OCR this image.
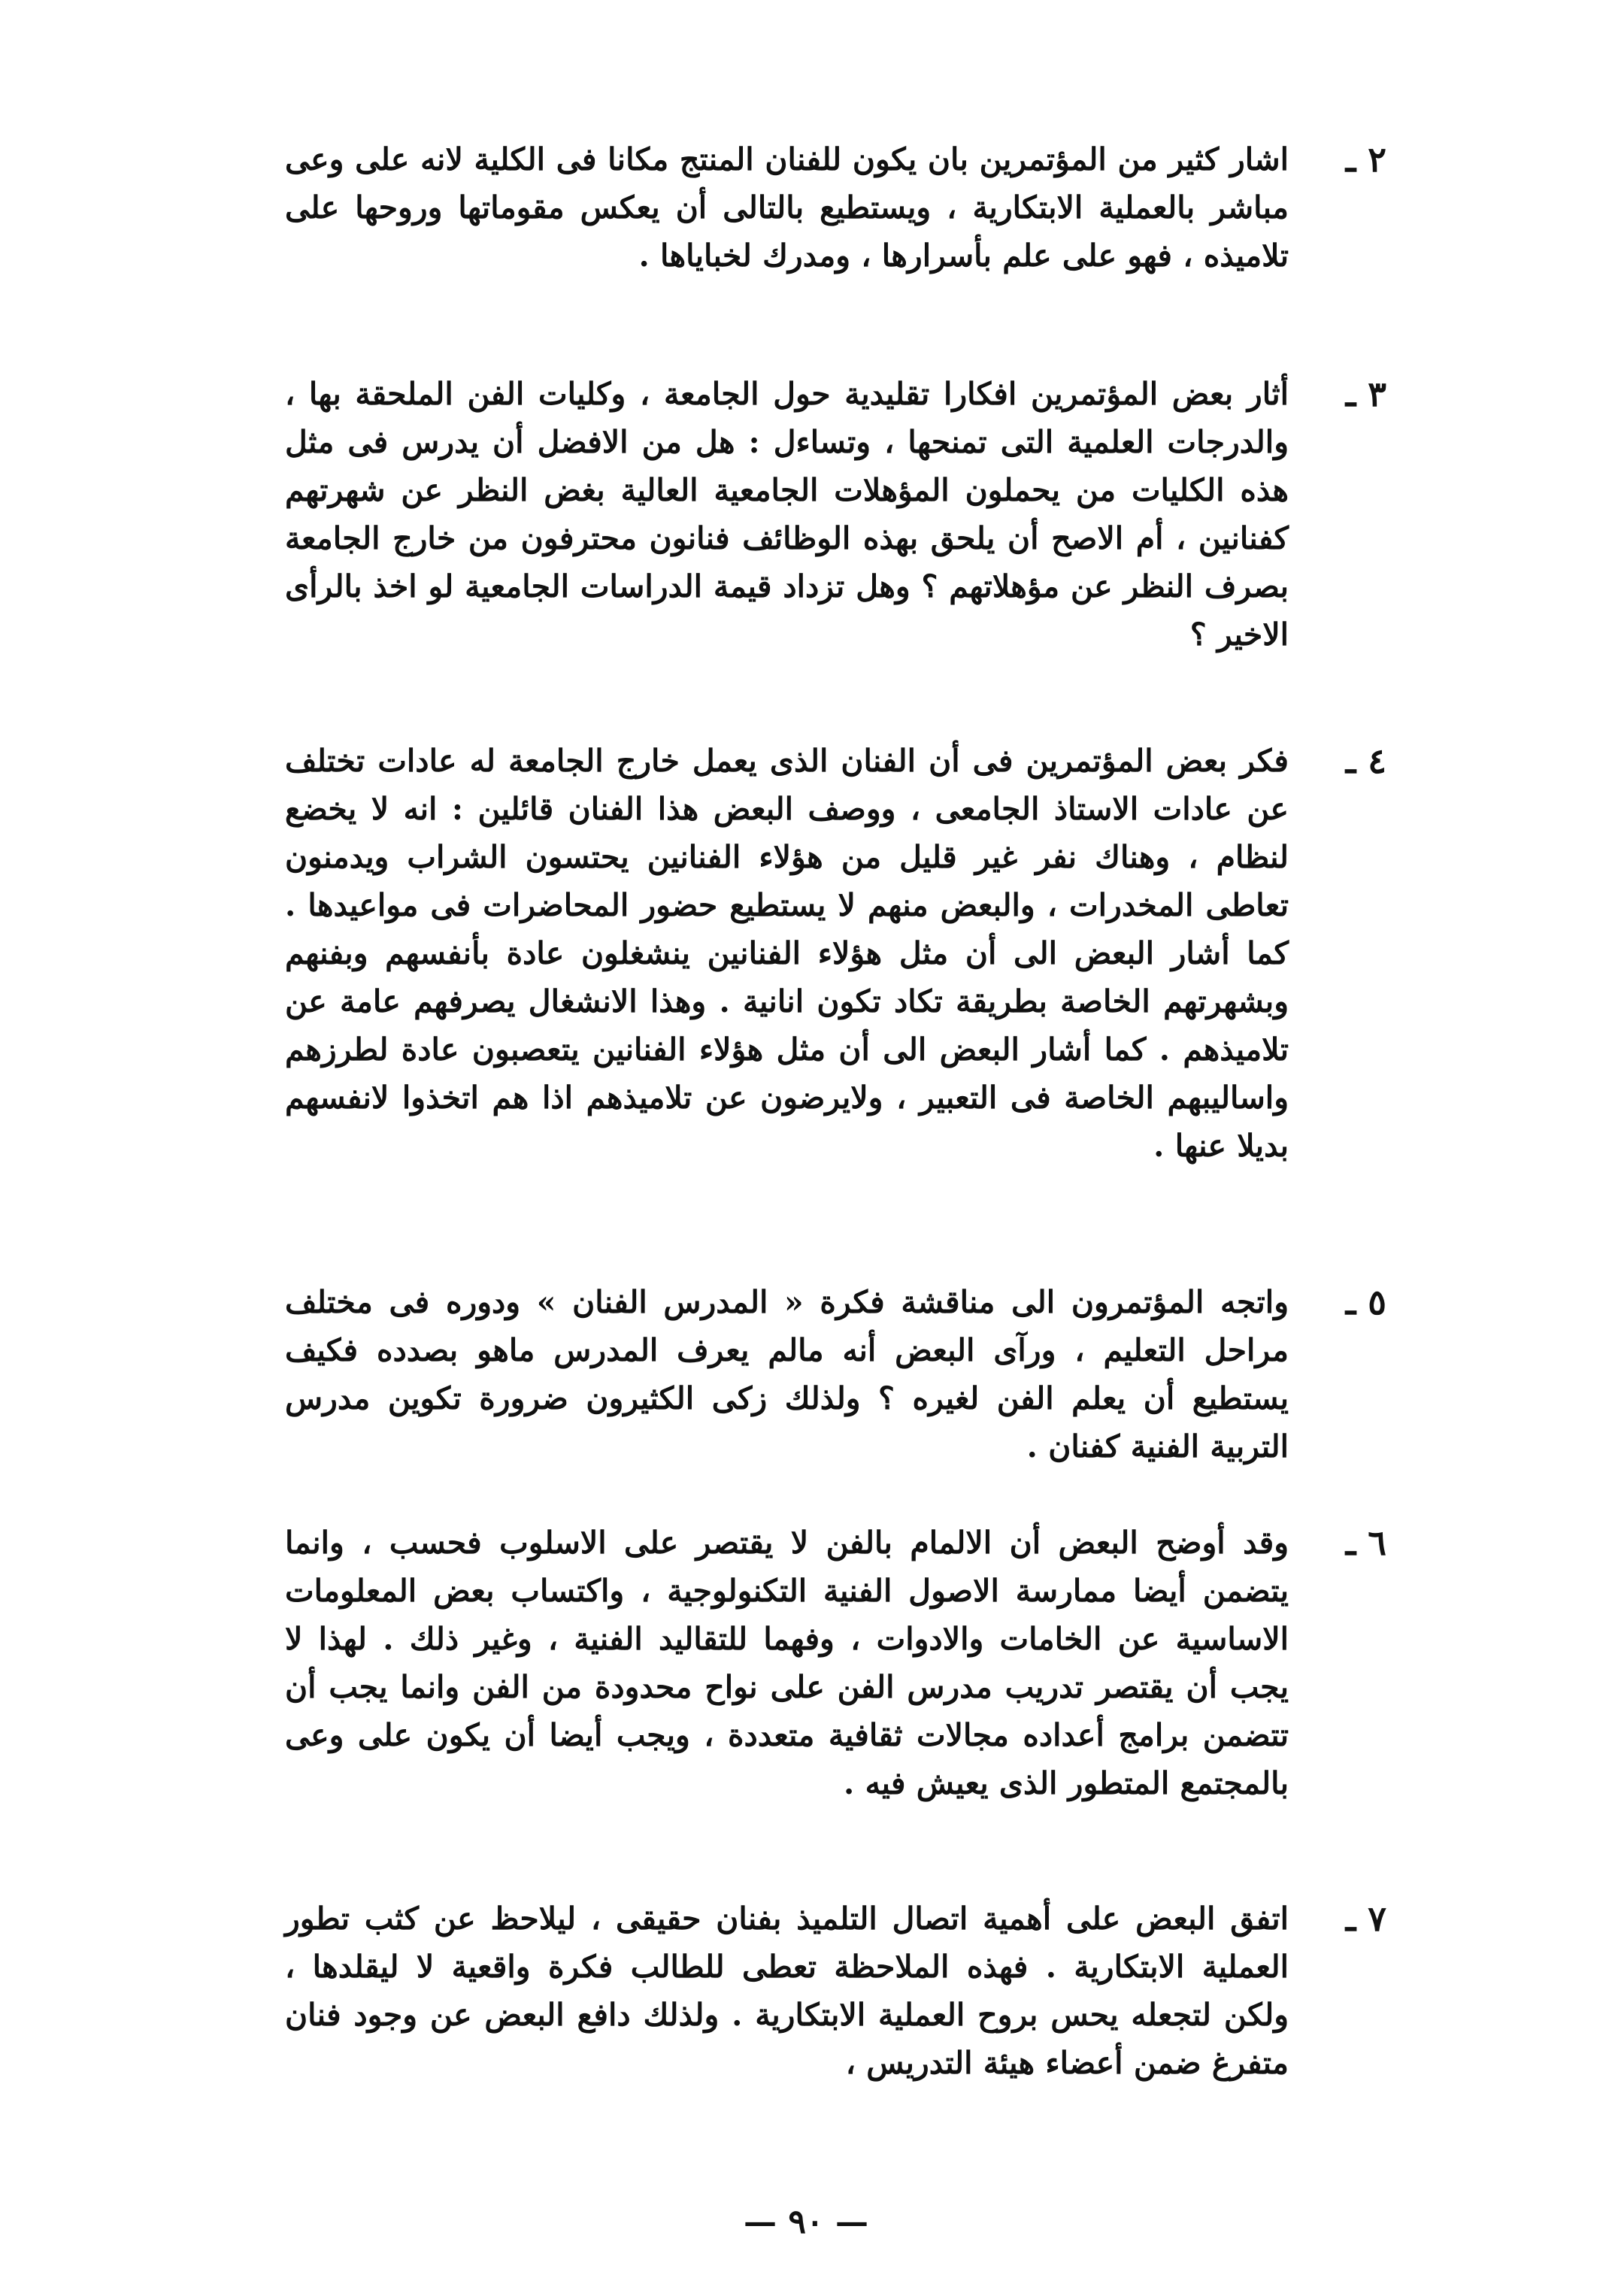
٢ ـ

اشار كثير من المؤتمرين بان يكون للفنان المنتج مكانا فى الكلية لانه على وعى مباشر بالعملية الابتكارية ، ويستطيع بالتالى أن يعكس مقوماتها وروحها على تلاميذه ، فهو على علم بأسرارها ، ومدرك لخباياها .

٣ ـ

أثار بعض المؤتمرين افكارا تقليدية حول الجامعة ، وكليات الفن الملحقة بها ، والدرجات العلمية التى تمنحها ، وتساءل : هل من الافضل أن يدرس فى مثل هذه الكليات من يحملون المؤهلات الجامعية العالية بغض النظر عن شهرتهم كفنانين ، أم الاصح أن يلحق بهذه الوظائف فنانون محترفون من خارج الجامعة بصرف النظر عن مؤهلاتهم ؟ وهل تزداد قيمة الدراسات الجامعية لو اخذ بالرأى الاخير ؟

٤ ـ

فكر بعض المؤتمرين فى أن الفنان الذى يعمل خارج الجامعة له عادات تختلف عن عادات الاستاذ الجامعى ، ووصف البعض هذا الفنان قائلين : انه لا يخضع لنظام ، وهناك نفر غير قليل من هؤلاء الفنانين يحتسون الشراب ويدمنون تعاطى المخدرات ، والبعض منهم لا يستطيع حضور المحاضرات فى مواعيدها . كما أشار البعض الى أن مثل هؤلاء الفنانين ينشغلون عادة بأنفسهم وبفنهم وبشهرتهم الخاصة بطريقة تكاد تكون انانية . وهذا الانشغال يصرفهم عامة عن تلاميذهم . كما أشار البعض الى أن مثل هؤلاء الفنانين يتعصبون عادة لطرزهم واساليبهم الخاصة فى التعبير ، ولايرضون عن تلاميذهم اذا هم اتخذوا لانفسهم بديلا عنها .

٥ ـ

واتجه المؤتمرون الى مناقشة فكرة « المدرس الفنان » ودوره فى مختلف مراحل التعليم ، ورآى البعض أنه مالم يعرف المدرس ماهو بصدده فكيف يستطيع أن يعلم الفن لغيره ؟ ولذلك زكى الكثيرون ضرورة تكوين مدرس التربية الفنية كفنان .

٦ ـ

وقد أوضح البعض أن الالمام بالفن لا يقتصر على الاسلوب فحسب ، وانما يتضمن أيضا ممارسة الاصول الفنية التكنولوجية ، واكتساب بعض المعلومات الاساسية عن الخامات والادوات ، وفهما للتقاليد الفنية ، وغير ذلك . لهذا لا يجب أن يقتصر تدريب مدرس الفن على نواح محدودة من الفن وانما يجب أن تتضمن برامج أعداده مجالات ثقافية متعددة ، ويجب أيضا أن يكون على وعى بالمجتمع المتطور الذى يعيش فيه .

٧ ـ

اتفق البعض على أهمية اتصال التلميذ بفنان حقيقى ، ليلاحظ عن كثب تطور العملية الابتكارية . فهذه الملاحظة تعطى للطالب فكرة واقعية لا ليقلدها ، ولكن لتجعله يحس بروح العملية الابتكارية . ولذلك دافع البعض عن وجود فنان متفرغ ضمن أعضاء هيئة التدريس ،

— ٩٠ —
